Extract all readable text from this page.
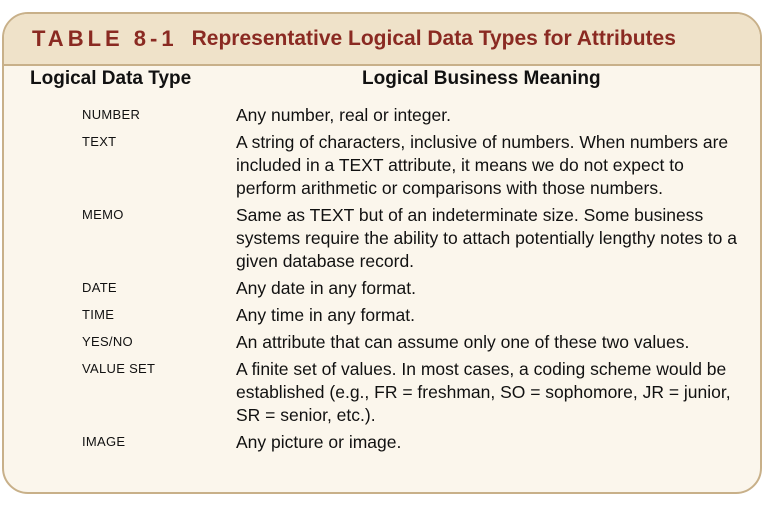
TABLE 8-1 Representative Logical Data Types for Attributes
Logical Data Type	Logical Business Meaning
NUMBER	Any number, real or integer.
TEXT	A string of characters, inclusive of numbers. When numbers are included in a TEXT attribute, it means we do not expect to perform arithmetic or comparisons with those numbers.
MEMO	Same as TEXT but of an indeterminate size. Some business systems require the ability to attach potentially lengthy notes to a given database record.
DATE	Any date in any format.
TIME	Any time in any format.
YES/NO	An attribute that can assume only one of these two values.
VALUE SET	A finite set of values. In most cases, a coding scheme would be established (e.g., FR = freshman, SO = sophomore, JR = junior, SR = senior, etc.).
IMAGE	Any picture or image.
